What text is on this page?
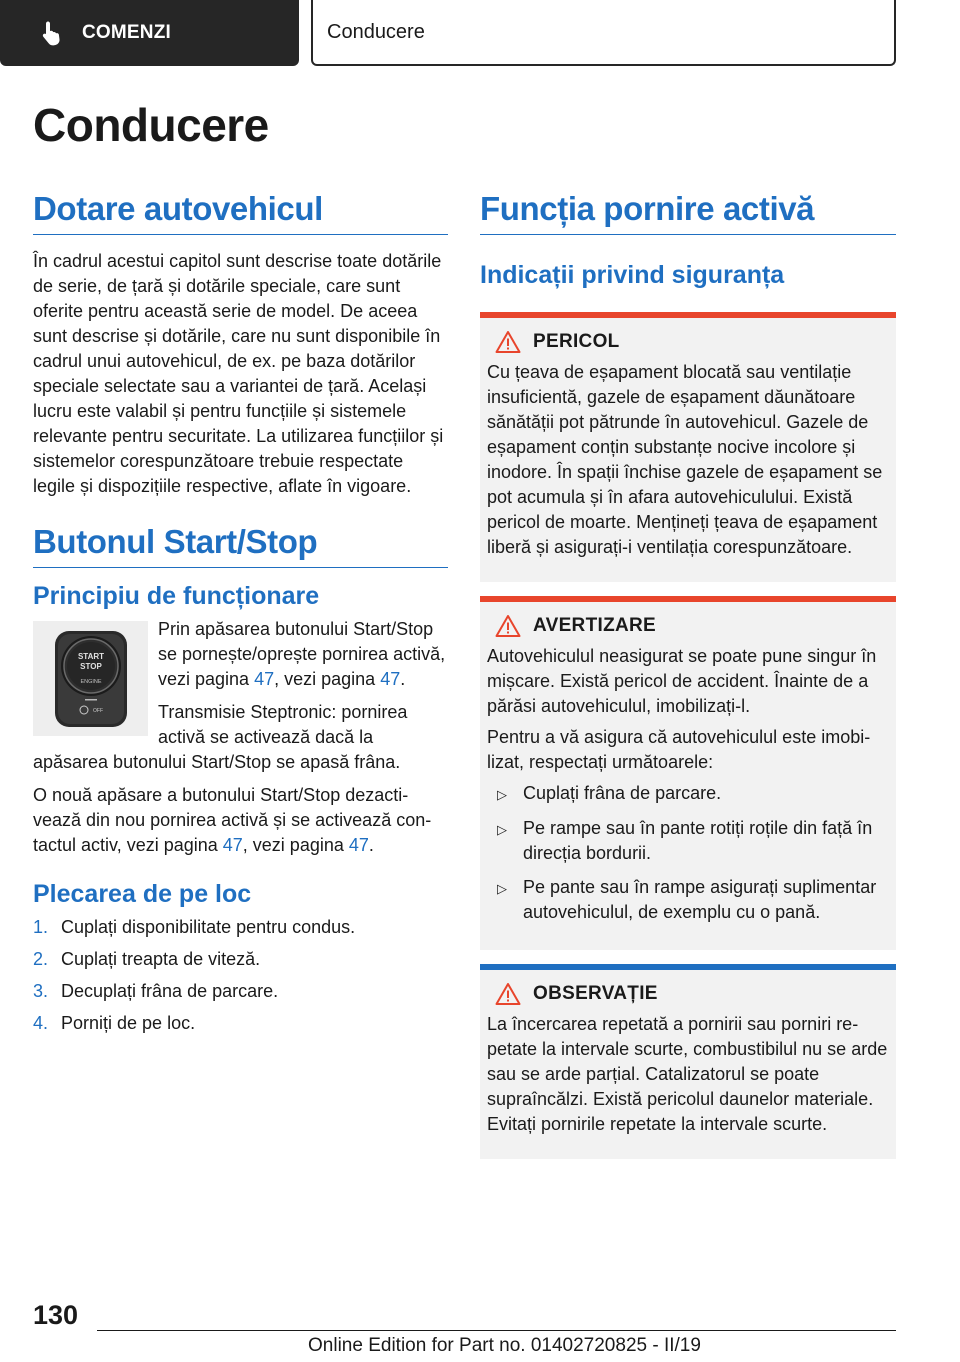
COMENZI	Conducere
Conducere
Dotare autovehicul

În cadrul acestui capitol sunt descrise toate dotările de serie, de țară și dotările speciale, care sunt oferite pentru această serie de model. De aceea sunt descrise și dotările, care nu sunt disponibile în cadrul unui autovehicul, de ex. pe baza dotărilor speciale selectate sau a variantei de țară. Același lucru este valabil și pentru funcțiile și sistemele relevante pentru securitate. La utilizarea funcțiilor și sistemelor corespunzătoare trebuie respectate legile și dispozițiile respective, aflate în vigoare.

Butonul Start/Stop
Principiu de funcționare
START
STOP
ENGINE
OFF

Prin apăsarea butonului Start/Stop se pornește/oprește pornirea activă, vezi pagina 47, vezi pagina 47.

Transmisie Steptronic: pornirea activă se activează dacă la apăsarea butonului Start/Stop se apasă frâna.

O nouă apăsare a butonului Start/Stop dezactivează din nou pornirea activă și se activează contactul activ, vezi pagina 47, vezi pagina 47.

Plecarea de pe loc
1. Cuplați disponibilitate pentru condus.
2. Cuplați treapta de viteză.
3. Decuplați frâna de parcare.
4. Porniți de pe loc.
Funcția pornire activă
Indicații privind siguranța
PERICOL

Cu țeava de eșapament blocată sau ventilație insuficientă, gazele de eșapament dăunătoare sănătății pot pătrunde în autovehicul. Gazele de eșapament conțin substanțe nocive incolore și inodore. În spații închise gazele de eșapament se pot acumula și în afara autovehiculului. Există pericol de moarte. Mențineți țeava de eșapament liberă și asigurați-i ventilația corespunzătoare.

AVERTIZARE

Autovehiculul neasigurat se poate pune singur în mișcare. Există pericol de accident. Înainte de a părăsi autovehiculul, imobilizați-l.

Pentru a vă asigura că autovehiculul este imobilizat, respectați următoarele:

▷ Cuplați frâna de parcare.
▷ Pe rampe sau în pante rotiți roțile din față în direcția bordurii.
▷ Pe pante sau în rampe asigurați suplimentar autovehiculul, de exemplu cu o pană.
OBSERVAȚIE

La încercarea repetată a pornirii sau porniri repetate la intervale scurte, combustibilul nu se arde sau se arde parțial. Catalizatorul se poate supraîncălzi. Există pericolul daunelor materiale. Evitați pornirile repetate la intervale scurte.

130
Online Edition for Part no. 01402720825 - II/19
